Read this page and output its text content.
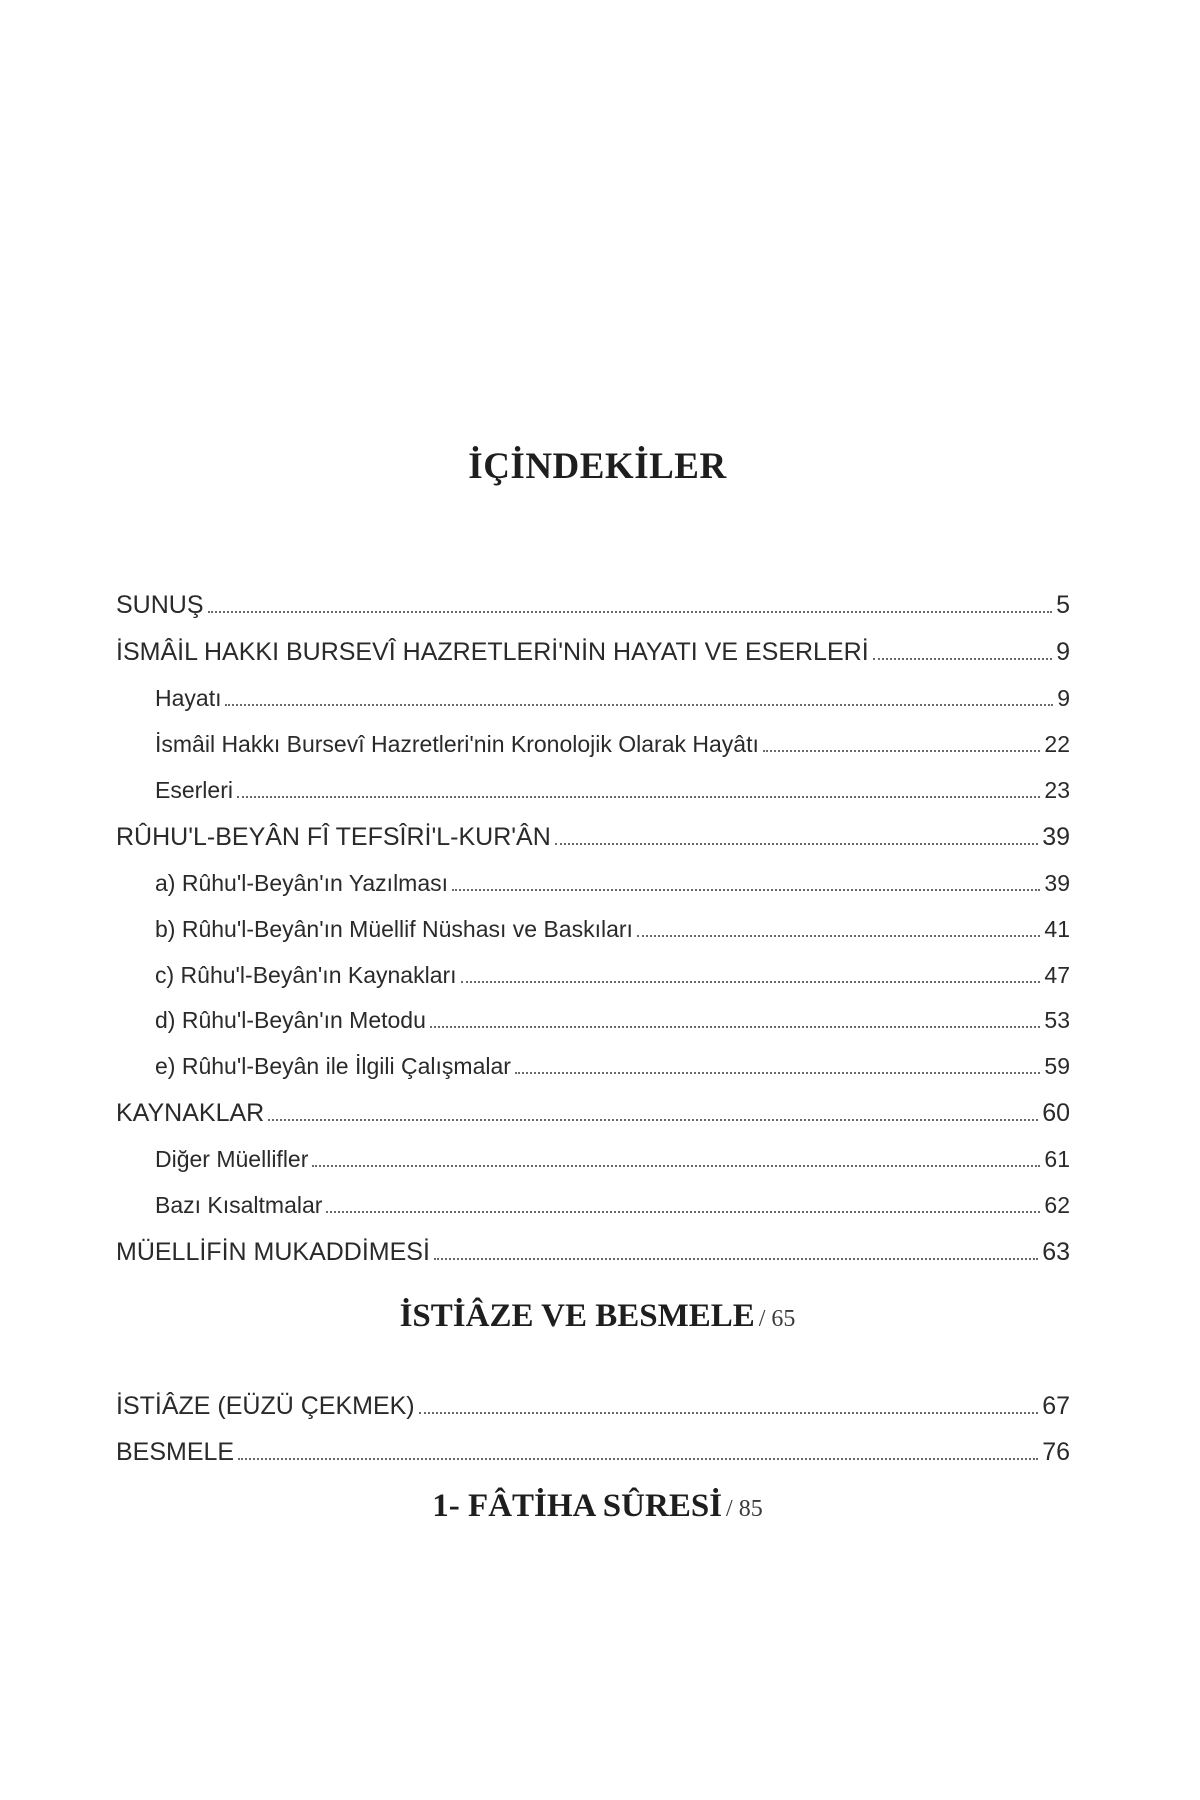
İÇİNDEKİLER
SUNUŞ	5
İSMÂİL HAKKI BURSEVÎ HAZRETLERİ'NİN HAYATI VE ESERLERİ	9
Hayatı	9
İsmâil Hakkı Bursevî Hazretleri'nin Kronolojik Olarak Hayâtı	22
Eserleri	23
RÛHU'L-BEYÂN FÎ TEFSÎRİ'L-KUR'ÂN	39
a) Rûhu'l-Beyân'ın Yazılması	39
b) Rûhu'l-Beyân'ın Müellif Nüshası ve Baskıları	41
c) Rûhu'l-Beyân'ın Kaynakları	47
d) Rûhu'l-Beyân'ın Metodu	53
e) Rûhu'l-Beyân ile İlgili Çalışmalar	59
KAYNAKLAR	60
Diğer Müellifler	61
Bazı Kısaltmalar	62
MÜELLİFİN MUKADDİMESİ	63
İSTİÂZE VE BESMELE / 65
İSTİÂZE (EÜZÜ ÇEKMEK)	67
BESMELE	76
1- FÂTİHA SÛRESİ / 85
